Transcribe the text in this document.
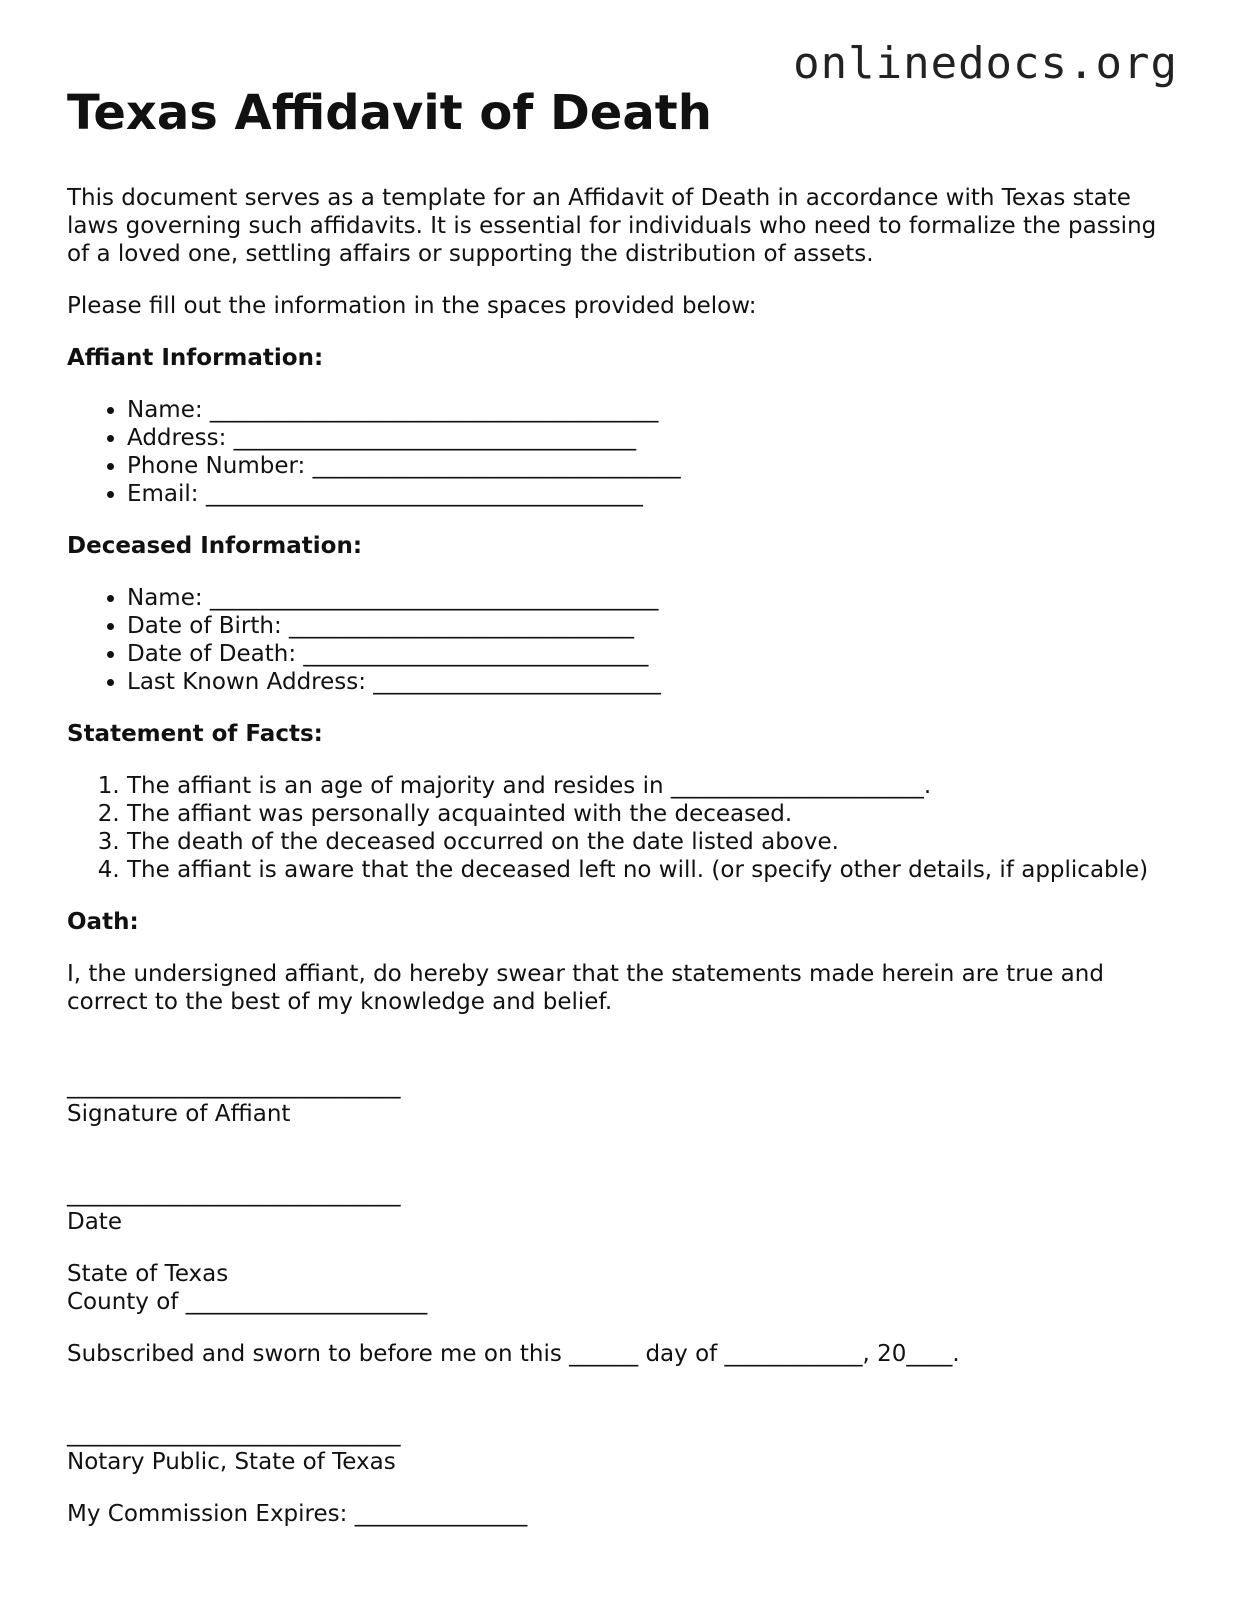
onlinedocs.org
Texas Affidavit of Death

This document serves as a template for an Affidavit of Death in accordance with Texas state laws governing such affidavits. It is essential for individuals who need to formalize the passing of a loved one, settling affairs or supporting the distribution of assets.

Please fill out the information in the spaces provided below:

Affiant Information:
• Name: _______________________________________
• Address: ___________________________________
• Phone Number: ________________________________
• Email: ______________________________________
Deceased Information:
• Name: _______________________________________
• Date of Birth: ______________________________
• Date of Death: ______________________________
• Last Known Address: _________________________
Statement of Facts:
1. The affiant is an age of majority and resides in ______________________.
2. The affiant was personally acquainted with the deceased.
3. The death of the deceased occurred on the date listed above.
4. The affiant is aware that the deceased left no will. (or specify other details, if applicable)
Oath:

I, the undersigned affiant, do hereby swear that the statements made herein are true and correct to the best of my knowledge and belief.

_____________________________
Signature of Affiant
_____________________________
Date
State of Texas
County of _____________________

Subscribed and sworn to before me on this ______ day of ____________, 20____.

_____________________________
Notary Public, State of Texas

My Commission Expires: _______________
